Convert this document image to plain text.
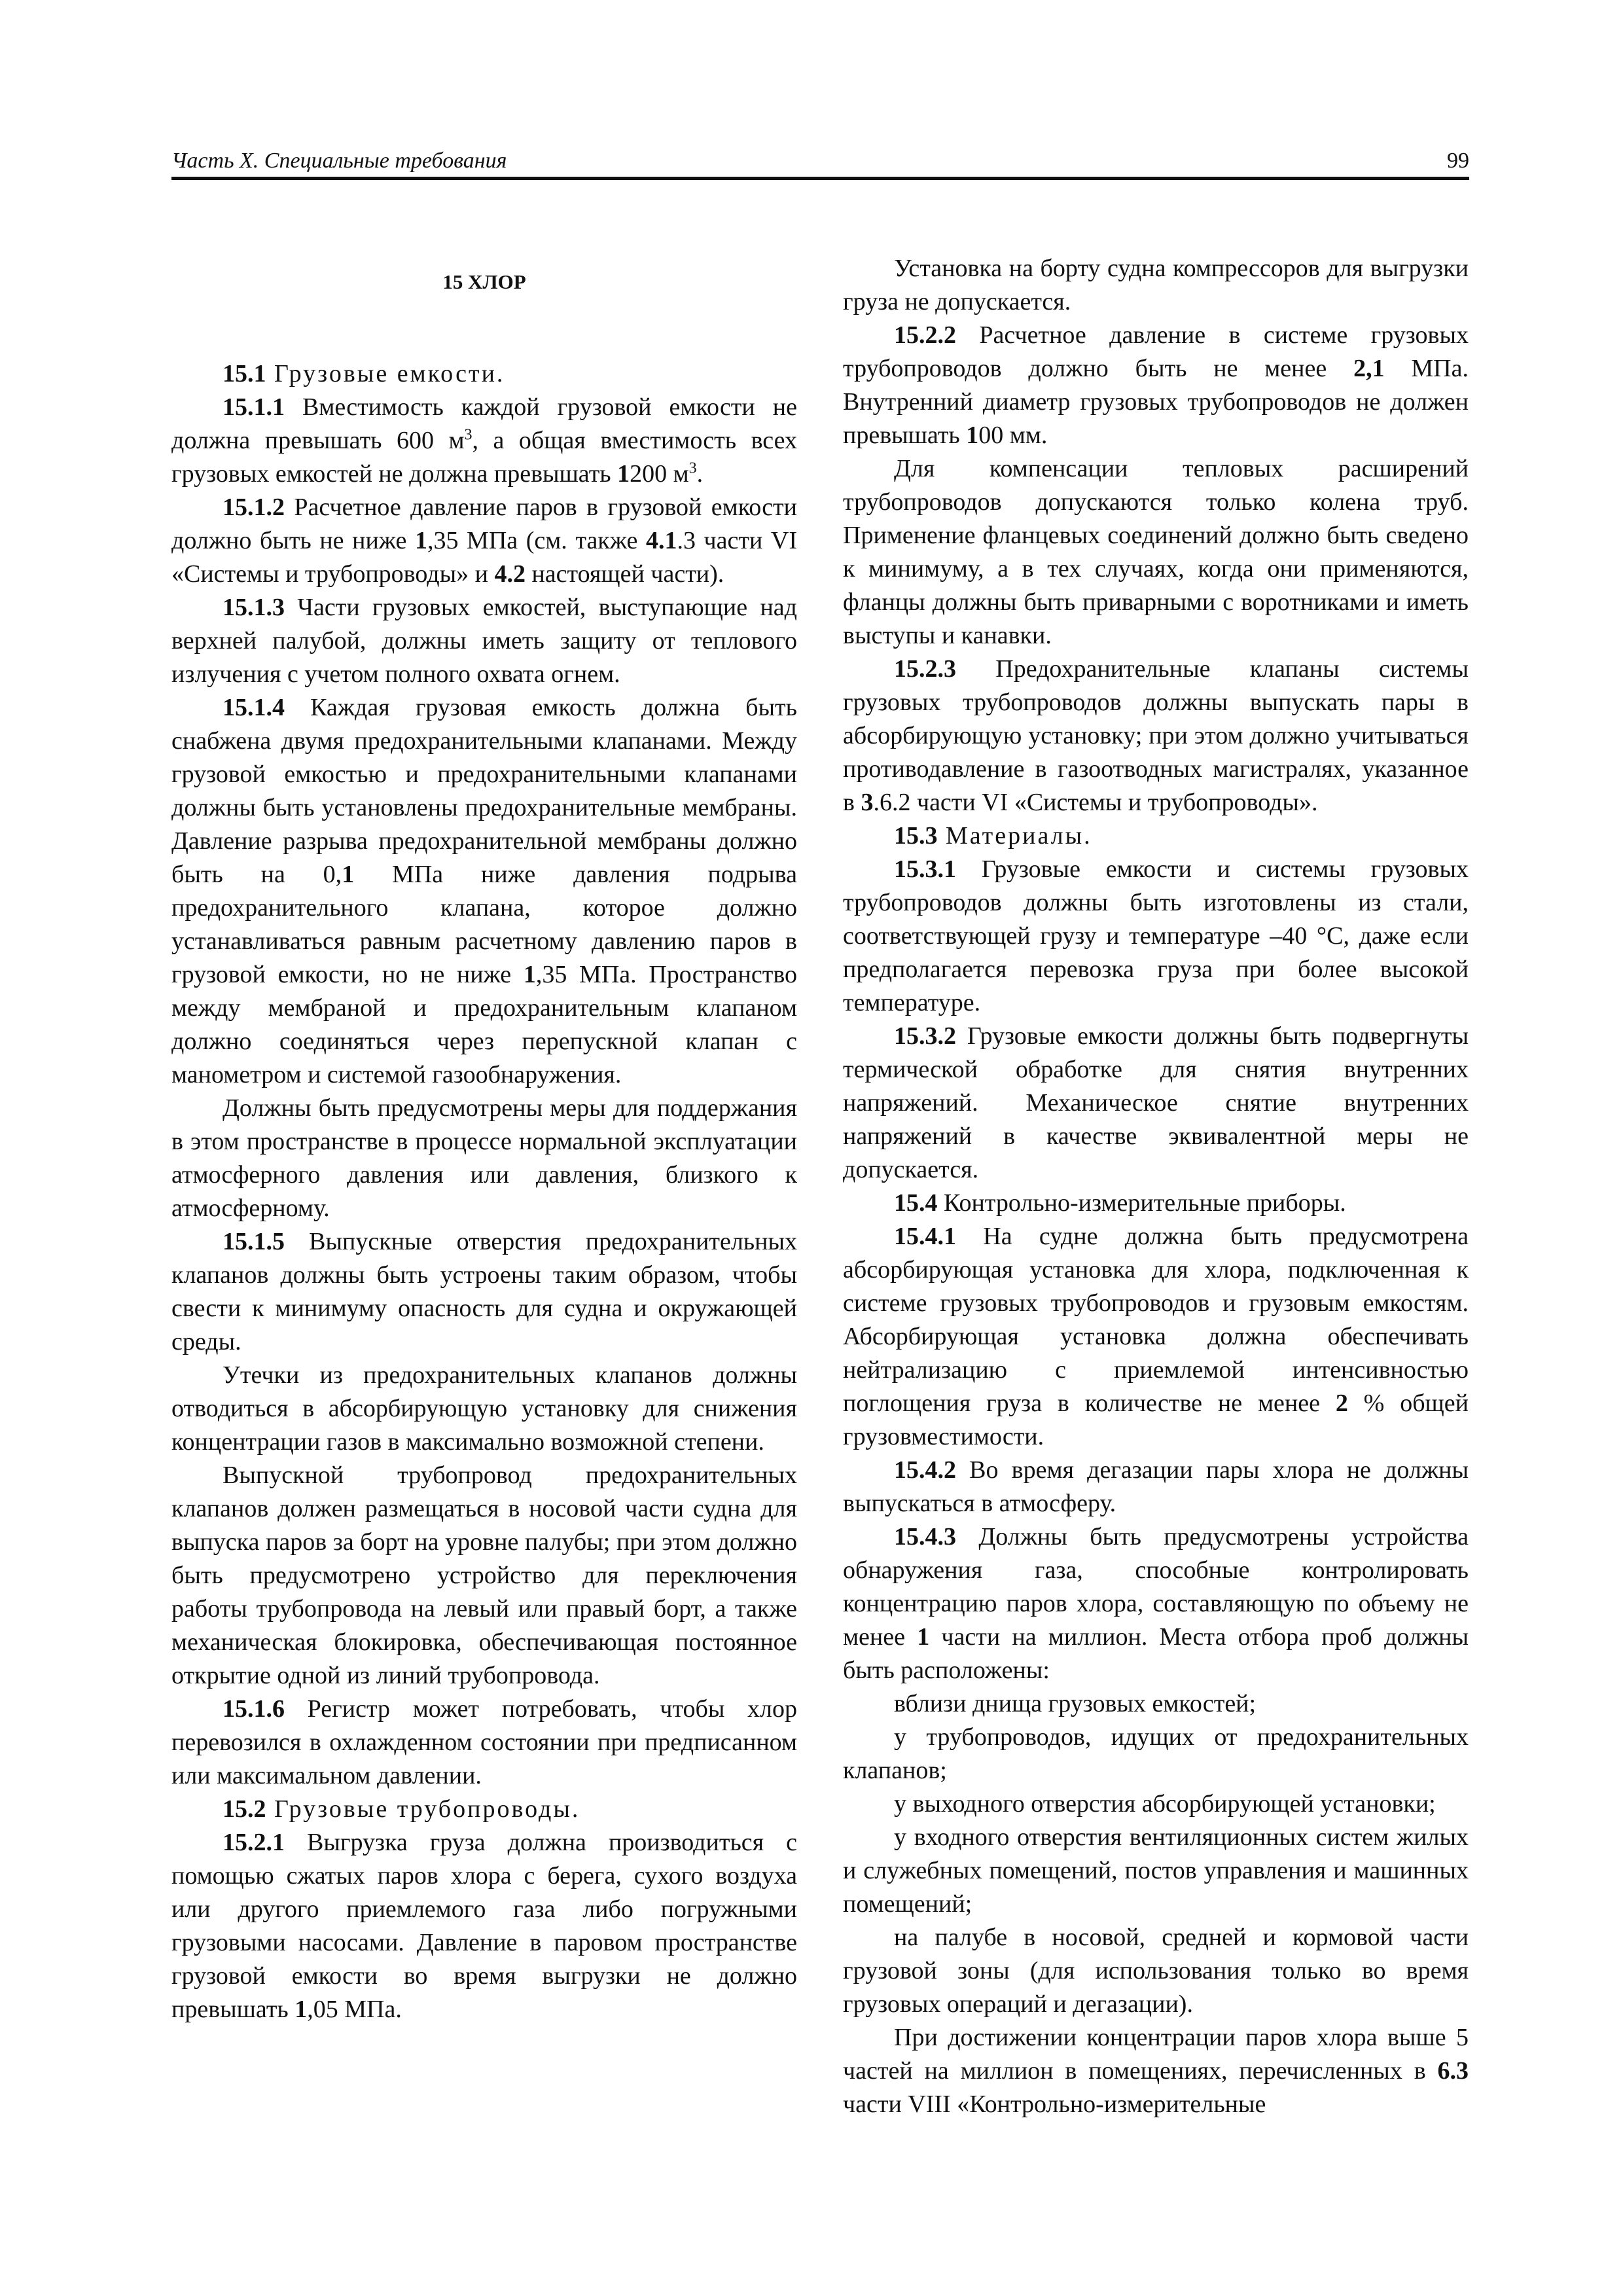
Часть X. Специальные требования	99

15 ХЛОР

15.1 Грузовые емкости.

15.1.1 Вместимость каждой грузовой емкости не должна превышать 600 $м^3$, а общая вместимость всех грузовых емкостей не должна превышать 1200 $м^3$.

15.1.2 Расчетное давление паров в грузовой емкости должно быть не ниже 1,35 МПа (см. также 4.1.3 части VI «Системы и трубопроводы» и 4.2 настоящей части).

15.1.3 Части грузовых емкостей, выступающие над верхней палубой, должны иметь защиту от теплового излучения с учетом полного охвата огнем.

15.1.4 Каждая грузовая емкость должна быть снабжена двумя предохранительными клапанами. Между грузовой емкостью и предохранительными клапанами должны быть установлены предохранительные мембраны. Давление разрыва предохранительной мембраны должно быть на 0,1 МПа ниже давления подрыва предохранительного клапана, которое должно устанавливаться равным расчетному давлению паров в грузовой емкости, но не ниже 1,35 МПа. Пространство между мембраной и предохранительным клапаном должно соединяться через перепускной клапан с манометром и системой газообнаружения.

Должны быть предусмотрены меры для поддержания в этом пространстве в процессе нормальной эксплуатации атмосферного давления или давления, близкого к атмосферному.

15.1.5 Выпускные отверстия предохранительных клапанов должны быть устроены таким образом, чтобы свести к минимуму опасность для судна и окружающей среды.

Утечки из предохранительных клапанов должны отводиться в абсорбирующую установку для снижения концентрации газов в максимально возможной степени.

Выпускной трубопровод предохранительных клапанов должен размещаться в носовой части судна для выпуска паров за борт на уровне палубы; при этом должно быть предусмотрено устройство для переключения работы трубопровода на левый или правый борт, а также механическая блокировка, обеспечивающая постоянное открытие одной из линий трубопровода.

15.1.6 Регистр может потребовать, чтобы хлор перевозился в охлажденном состоянии при предписанном или максимальном давлении.

15.2 Грузовые трубопроводы.

15.2.1 Выгрузка груза должна производиться с помощью сжатых паров хлора с берега, сухого воздуха или другого приемлемого газа либо погружными грузовыми насосами. Давление в паровом пространстве грузовой емкости во время выгрузки не должно превышать 1,05 МПа.

Установка на борту судна компрессоров для выгрузки груза не допускается.

15.2.2 Расчетное давление в системе грузовых трубопроводов должно быть не менее 2,1 МПа. Внутренний диаметр грузовых трубопроводов не должен превышать 100 мм.

Для компенсации тепловых расширений трубопроводов допускаются только колена труб. Применение фланцевых соединений должно быть сведено к минимуму, а в тех случаях, когда они применяются, фланцы должны быть приварными с воротниками и иметь выступы и канавки.

15.2.3 Предохранительные клапаны системы грузовых трубопроводов должны выпускать пары в абсорбирующую установку; при этом должно учитываться противодавление в газоотводных магистралях, указанное в 3.6.2 части VI «Системы и трубопроводы».

15.3 Материалы.

15.3.1 Грузовые емкости и системы грузовых трубопроводов должны быть изготовлены из стали, соответствующей грузу и температуре –40 °С, даже если предполагается перевозка груза при более высокой температуре.

15.3.2 Грузовые емкости должны быть подвергнуты термической обработке для снятия внутренних напряжений. Механическое снятие внутренних напряжений в качестве эквивалентной меры не допускается.

15.4 Контрольно-измерительные приборы.

15.4.1 На судне должна быть предусмотрена абсорбирующая установка для хлора, подключенная к системе грузовых трубопроводов и грузовым емкостям. Абсорбирующая установка должна обеспечивать нейтрализацию с приемлемой интенсивностью поглощения груза в количестве не менее 2 % общей грузовместимости.

15.4.2 Во время дегазации пары хлора не должны выпускаться в атмосферу.

15.4.3 Должны быть предусмотрены устройства обнаружения газа, способные контролировать концентрацию паров хлора, составляющую по объему не менее 1 части на миллион. Места отбора проб должны быть расположены:

вблизи днища грузовых емкостей;

у трубопроводов, идущих от предохранительных клапанов;

у выходного отверстия абсорбирующей установки;

у входного отверстия вентиляционных систем жилых и служебных помещений, постов управления и машинных помещений;

на палубе в носовой, средней и кормовой части грузовой зоны (для использования только во время грузовых операций и дегазации).

При достижении концентрации паров хлора выше 5 частей на миллион в помещениях, перечисленных в 6.3 части VIII «Контрольно-измерительные
